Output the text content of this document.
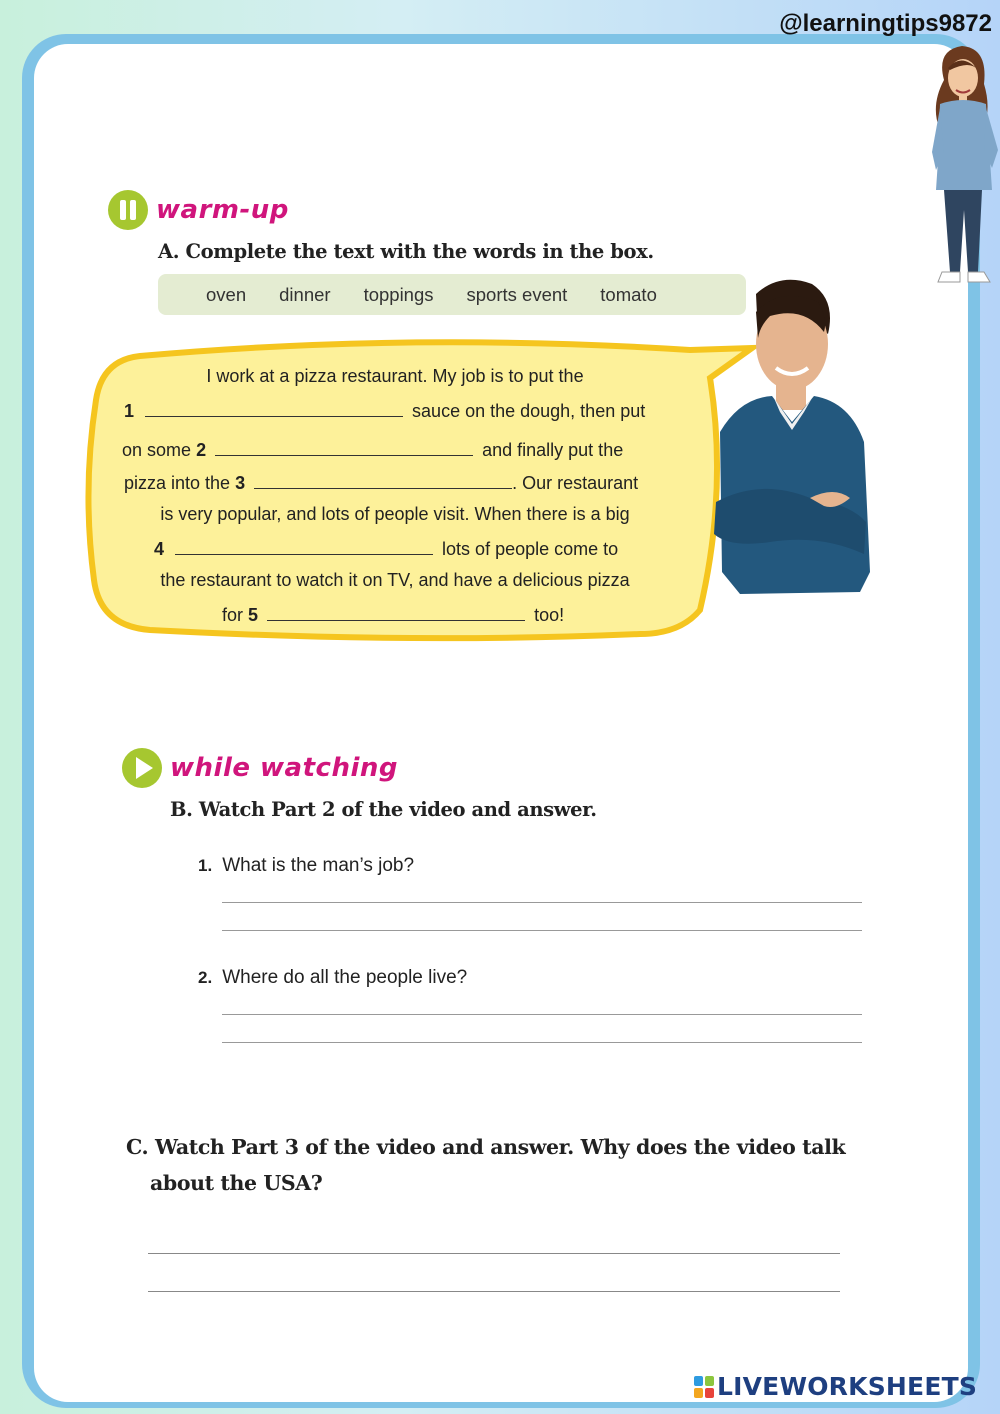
@learningtips9872
warm-up
A. Complete the text with the words in the box.
oven dinner toppings sports event tomato
I work at a pizza restaurant. My job is to put the
1	sauce on the dough, then put
on some 2	and finally put the
pizza into the 3	. Our restaurant
is very popular, and lots of people visit. When there is a big
4	lots of people come to
the restaurant to watch it on TV, and have a delicious pizza
for 5	too!
while watching
B. Watch Part 2 of the video and answer.
1. What is the man’s job?
2. Where do all the people live?
C. Watch Part 3 of the video and answer. Why does the video talk
about the USA?
LIVEWORKSHEETS
